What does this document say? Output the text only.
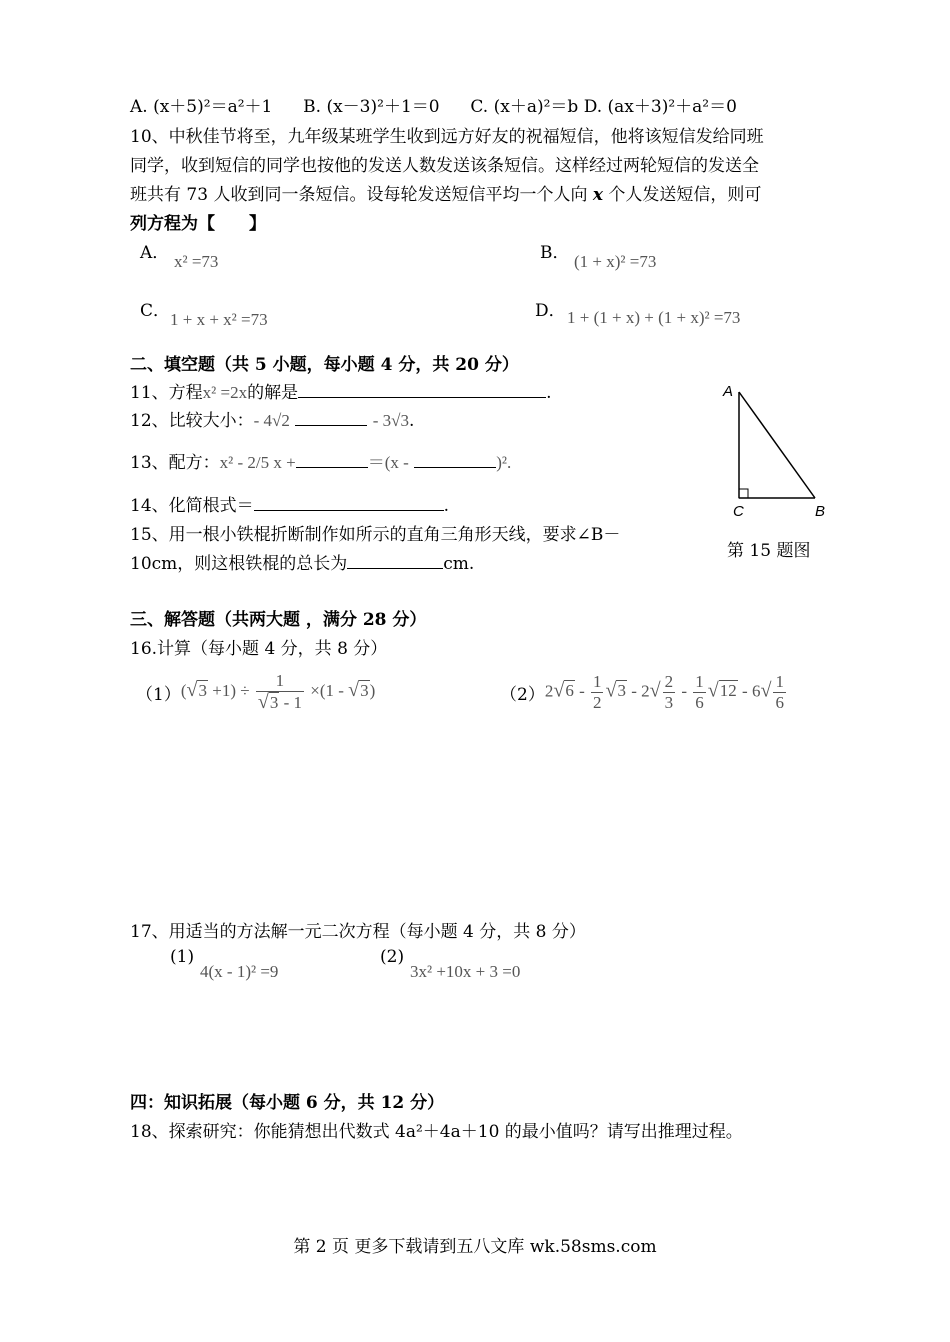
A. (x＋5)²＝a²＋1 B. (x－3)²＋1＝0 C. (x＋a)²＝b D. (ax＋3)²＋a²＝0
10、中秋佳节将至，九年级某班学生收到远方好友的祝福短信，他将该短信发给同班
同学，收到短信的同学也按他的发送人数发送该条短信。这样经过两轮短信的发送全
班共有 73 人收到同一条短信。设每轮发送短信平均一个人向 x 个人发送短信，则可
列方程为【　　】
A． x² =73	B． (1 + x)² =73
C． 1 + x + x² =73	D． 1 + (1 + x) + (1 + x)² =73
二、填空题（共 5 小题，每小题 4 分，共 20 分）
11、方程x² =2x的解是	.
12、比较大小：- 4√2	- 3√3.
13、配方：x² - 2/5 x +	＝(x -	)².
14、化简根式＝	.
15、用一根小铁棍折断制作如所示的直角三角形天线，要求∠B－
10cm，则这根铁棍的总长为	cm.
A
C	B
第 15 题图
三、解答题（共两大题 ，满分 28 分）
16.计算（每小题 4 分，共 8 分）
（1） $(√3 +1) \div \frac{1}{√3 - 1} \times(1 - √3)$	（2） $2√6 - \frac{1}{2} √3 - 2√ \frac{2}{3} - \frac{1}{6} √12 - 6√ \frac{1}{6}$
17、用适当的方法解一元二次方程（每小题 4 分，共 8 分）
(1)
4(x - 1)² =9
(2)
3x² +10x + 3 =0
四：知识拓展（每小题 6 分，共 12 分）
18、探索研究：你能猜想出代数式 4a²＋4a＋10 的最小值吗？请写出推理过程。
第 2 页 更多下载请到五八文库 wk.58sms.com
